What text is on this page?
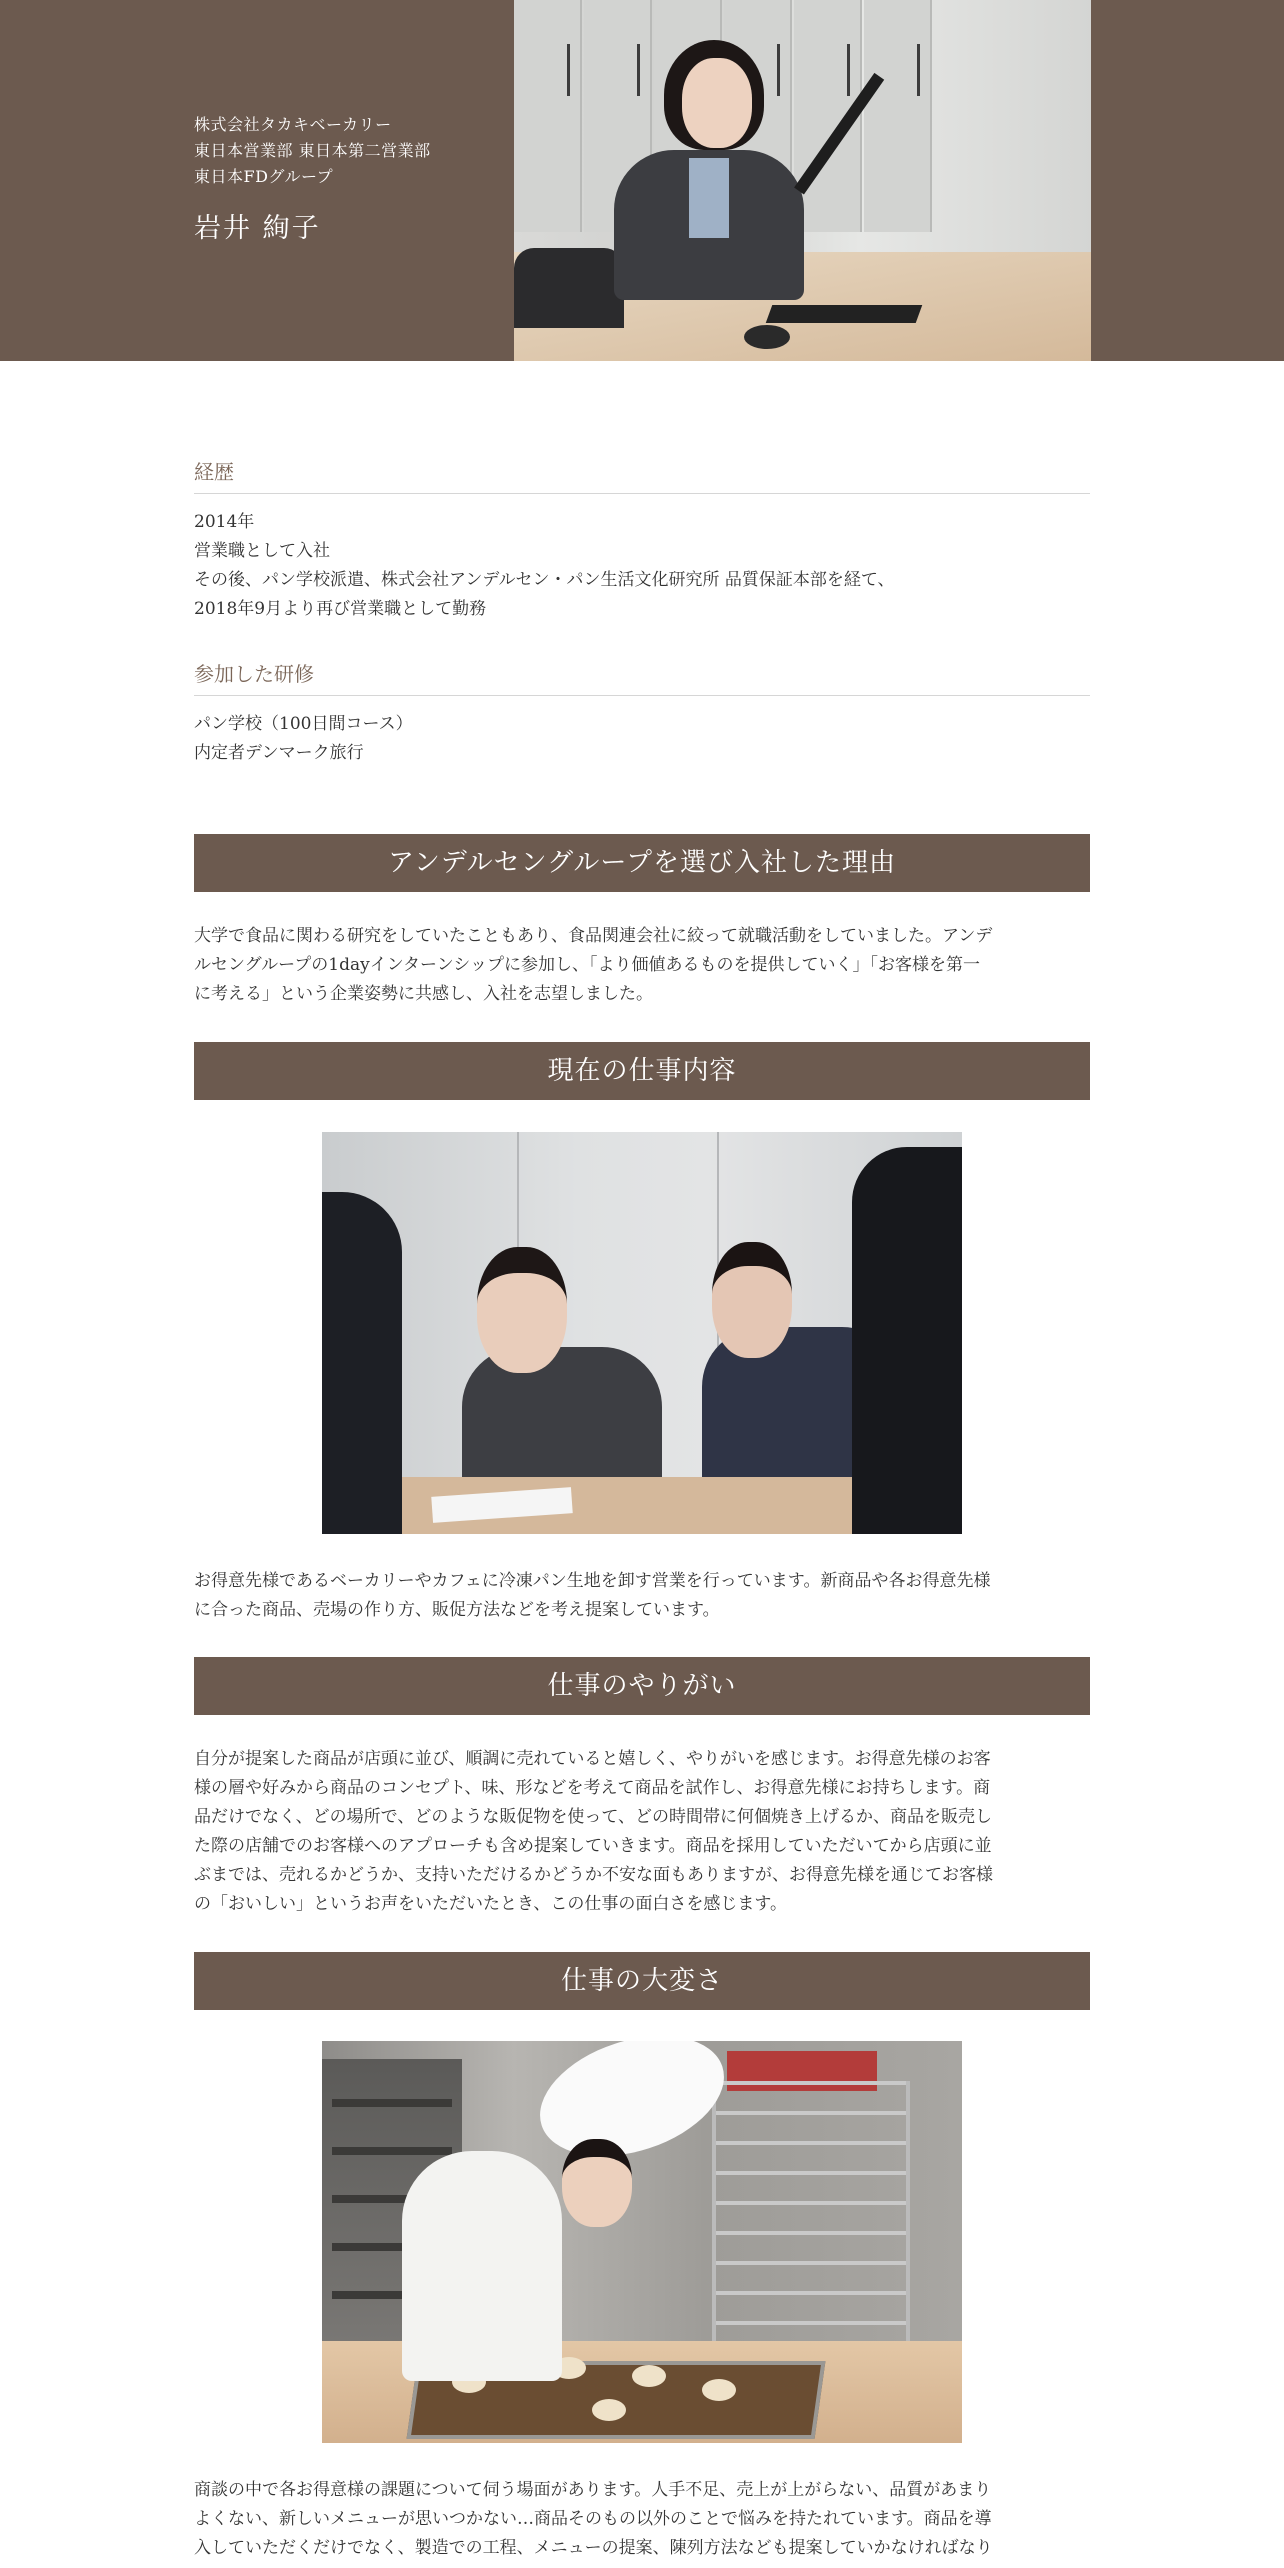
株式会社タカキベーカリー
東日本営業部 東日本第二営業部
東日本FDグループ
岩井 絢子
経歴
2014年
営業職として入社
その後、パン学校派遣、株式会社アンデルセン・パン生活文化研究所 品質保証本部を経て、
2018年9月より再び営業職として勤務
参加した研修
パン学校（100日間コース）
内定者デンマーク旅行
アンデルセングループを選び入社した理由
大学で食品に関わる研究をしていたこともあり、食品関連会社に絞って就職活動をしていました。アンデ
ルセングループの1dayインターンシップに参加し、「より価値あるものを提供していく」「お客様を第一
に考える」という企業姿勢に共感し、入社を志望しました。
現在の仕事内容
お得意先様であるベーカリーやカフェに冷凍パン生地を卸す営業を行っています。新商品や各お得意先様
に合った商品、売場の作り方、販促方法などを考え提案しています。
仕事のやりがい
自分が提案した商品が店頭に並び、順調に売れていると嬉しく、やりがいを感じます。お得意先様のお客
様の層や好みから商品のコンセプト、味、形などを考えて商品を試作し、お得意先様にお持ちします。商
品だけでなく、どの場所で、どのような販促物を使って、どの時間帯に何個焼き上げるか、商品を販売し
た際の店舗でのお客様へのアプローチも含め提案していきます。商品を採用していただいてから店頭に並
ぶまでは、売れるかどうか、支持いただけるかどうか不安な面もありますが、お得意先様を通じてお客様
の「おいしい」というお声をいただいたとき、この仕事の面白さを感じます。
仕事の大変さ
商談の中で各お得意様の課題について伺う場面があります。人手不足、売上が上がらない、品質があまり
よくない、新しいメニューが思いつかない…商品そのもの以外のことで悩みを持たれています。商品を導
入していただくだけでなく、製造での工程、メニューの提案、陳列方法なども提案していかなければなり
